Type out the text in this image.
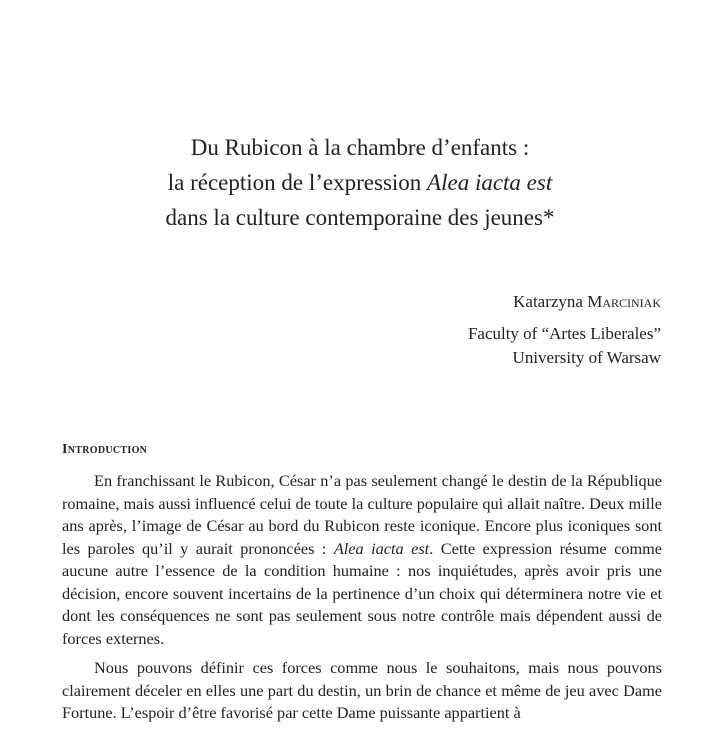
Du Rubicon à la chambre d’enfants :
la réception de l’expression Alea iacta est
dans la culture contemporaine des jeunes*
Katarzyna Marciniak
Faculty of “Artes Liberales”
University of Warsaw
Introduction

En franchissant le Rubicon, César n’a pas seulement changé le destin de la République romaine, mais aussi influencé celui de toute la culture populaire qui allait naître. Deux mille ans après, l’image de César au bord du Rubicon reste iconique. Encore plus iconiques sont les paroles qu’il y aurait prononcées : Alea iacta est. Cette expression résume comme aucune autre l’essence de la condition humaine : nos inquiétudes, après avoir pris une décision, encore souvent incertains de la pertinence d’un choix qui déterminera notre vie et dont les conséquences ne sont pas seulement sous notre contrôle mais dépendent aussi de forces externes.

Nous pouvons définir ces forces comme nous le souhaitons, mais nous pouvons clairement déceler en elles une part du destin, un brin de chance et même de jeu avec Dame Fortune. L’espoir d’être favorisé par cette Dame puissante appartient à
